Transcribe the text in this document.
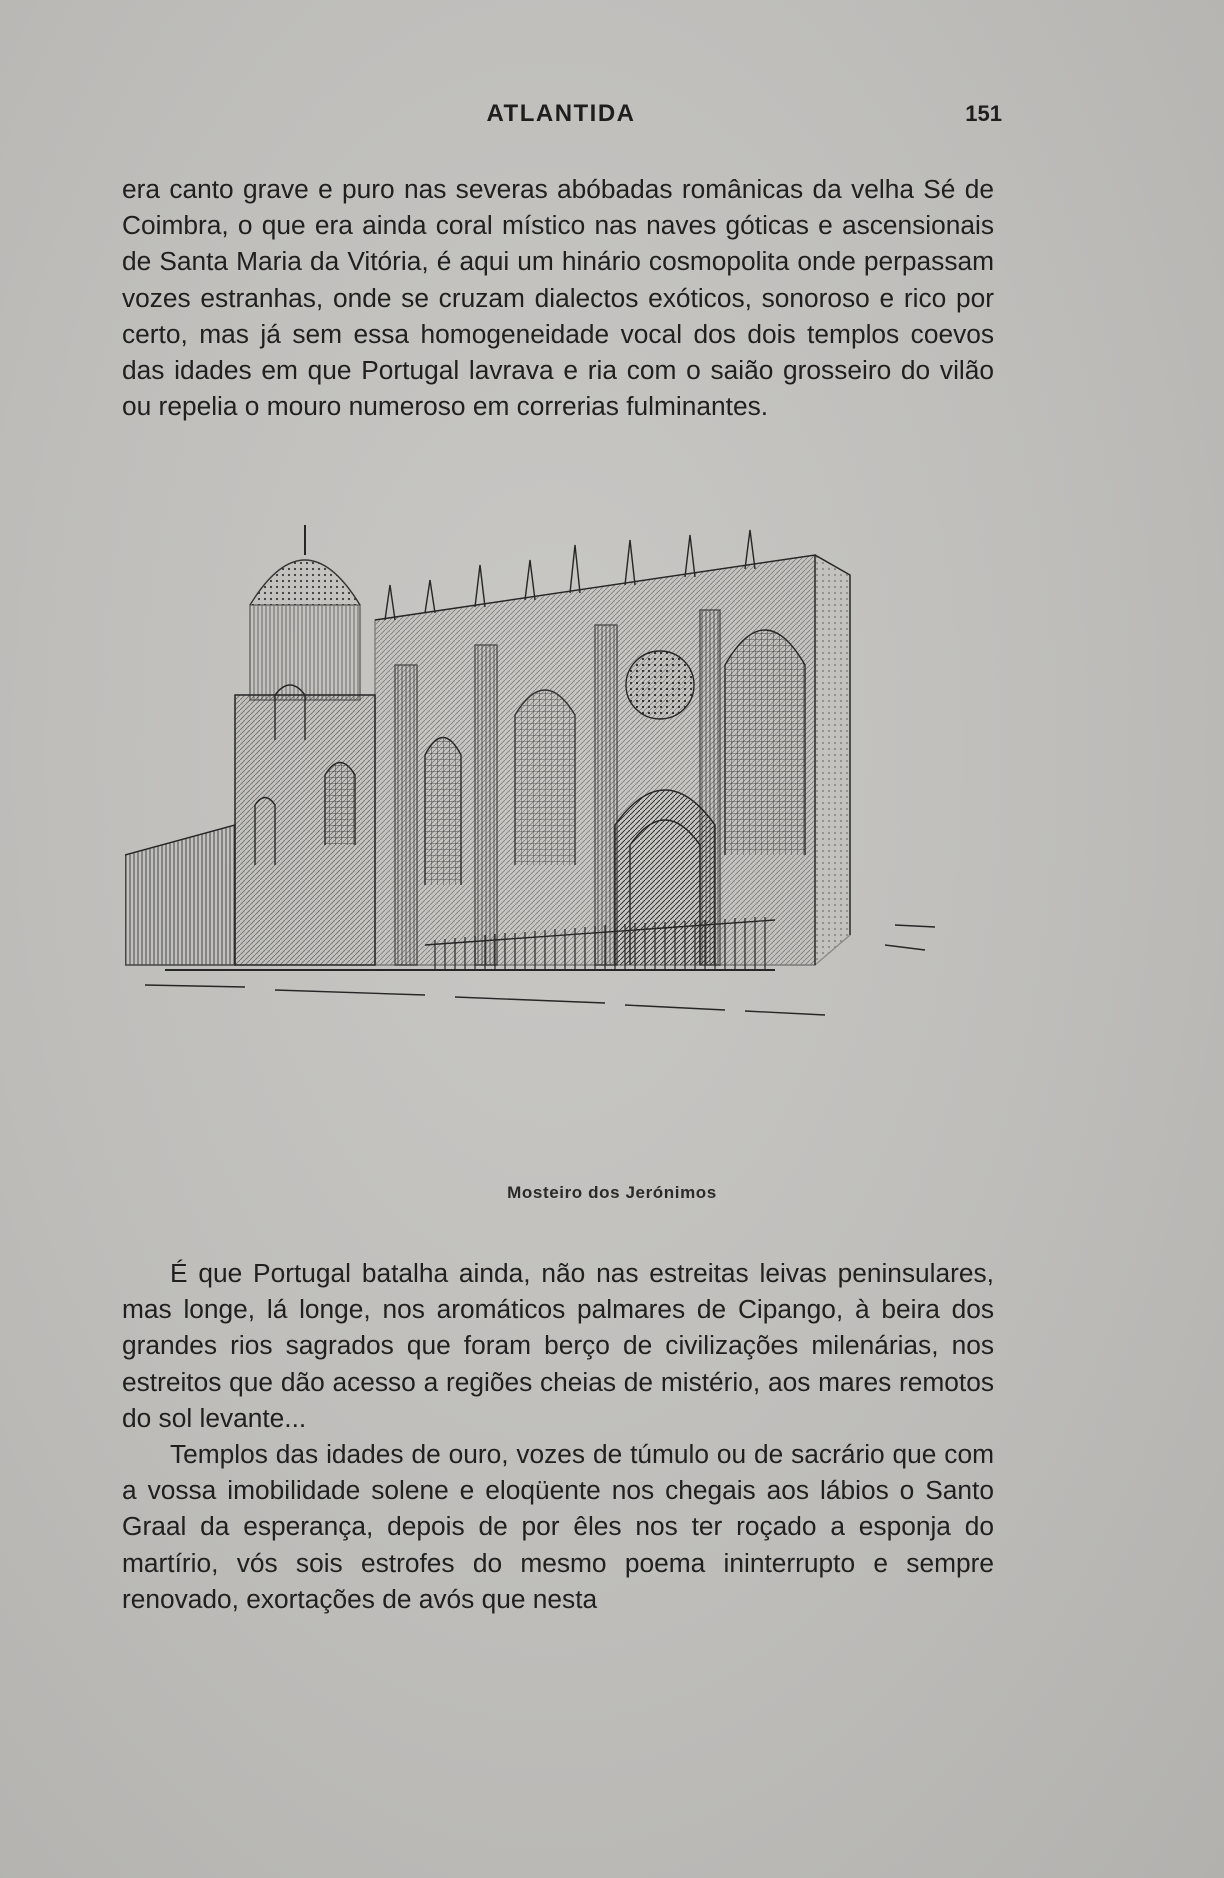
ATLANTIDA	151

era canto grave e puro nas severas abóbadas românicas da velha Sé de Coimbra, o que era ainda coral místico nas naves góticas e ascensionais de Santa Maria da Vitória, é aqui um hinário cosmopolita onde perpassam vozes estranhas, onde se cruzam dialectos exóticos, sonoroso e rico por certo, mas já sem essa homogeneidade vocal dos dois templos coevos das idades em que Portugal lavrava e ria com o saião grosseiro do vilão ou repelia o mouro numeroso em correrias fulminantes.

Mosteiro dos Jerónimos

É que Portugal batalha ainda, não nas estreitas leivas peninsulares, mas longe, lá longe, nos aromáticos palmares de Cipango, à beira dos grandes rios sagrados que foram berço de civilizações milenárias, nos estreitos que dão acesso a regiões cheias de mistério, aos mares remotos do sol levante...

Templos das idades de ouro, vozes de túmulo ou de sacrário que com a vossa imobilidade solene e eloqüente nos chegais aos lábios o Santo Graal da esperança, depois de por êles nos ter roçado a esponja do martírio, vós sois estrofes do mesmo poema ininterrupto e sempre renovado, exortações de avós que nesta
